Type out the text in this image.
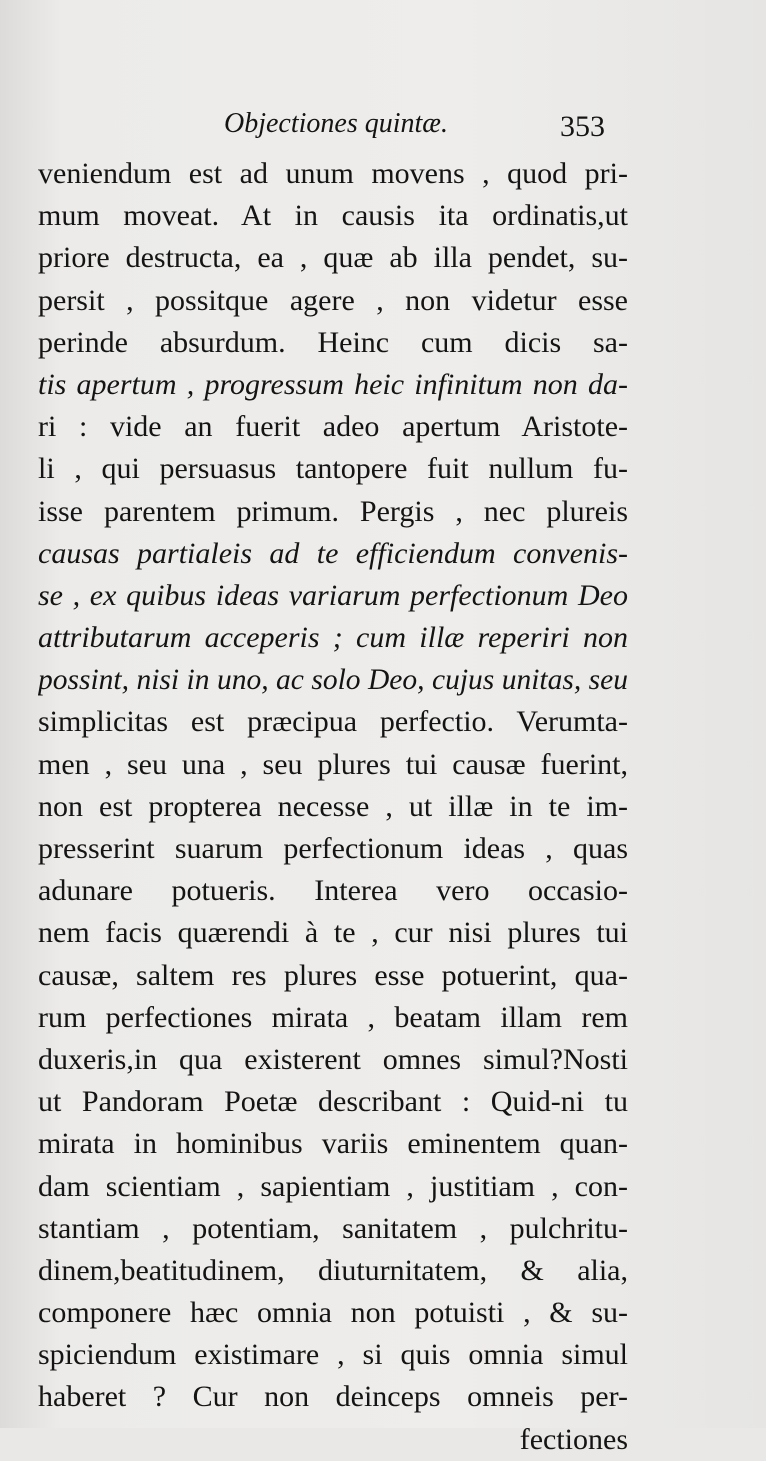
Objectiones quintæ.	353
veniendum est ad unum movens , quod pri-
mum moveat. At in causis ita ordinatis,ut
priore destructa, ea , quæ ab illa pendet, su-
persit , possitque agere , non videtur esse
perinde absurdum. Heinc cum dicis sa-
tis apertum , progressum heic infinitum non da-
ri : vide an fuerit adeo apertum Aristote-
li , qui persuasus tantopere fuit nullum fu-
isse parentem primum. Pergis , nec plureis
causas partialeis ad te efficiendum convenis-
se , ex quibus ideas variarum perfectionum Deo
attributarum acceperis ; cum illæ reperiri non
possint, nisi in uno, ac solo Deo, cujus unitas, seu
simplicitas est præcipua perfectio. Verumta-
men , seu una , seu plures tui causæ fuerint,
non est propterea necesse , ut illæ in te im-
presserint suarum perfectionum ideas , quas
adunare potueris. Interea vero occasio-
nem facis quærendi à te , cur nisi plures tui
causæ, saltem res plures esse potuerint, qua-
rum perfectiones mirata , beatam illam rem
duxeris,in qua existerent omnes simul?Nosti
ut Pandoram Poetæ describant : Quid-ni tu
mirata in hominibus variis eminentem quan-
dam scientiam , sapientiam , justitiam , con-
stantiam , potentiam, sanitatem , pulchritu-
dinem,beatitudinem, diuturnitatem, & alia,
componere hæc omnia non potuisti , & su-
spiciendum existimare , si quis omnia simul
haberet ? Cur non deinceps omneis per-
fectiones
